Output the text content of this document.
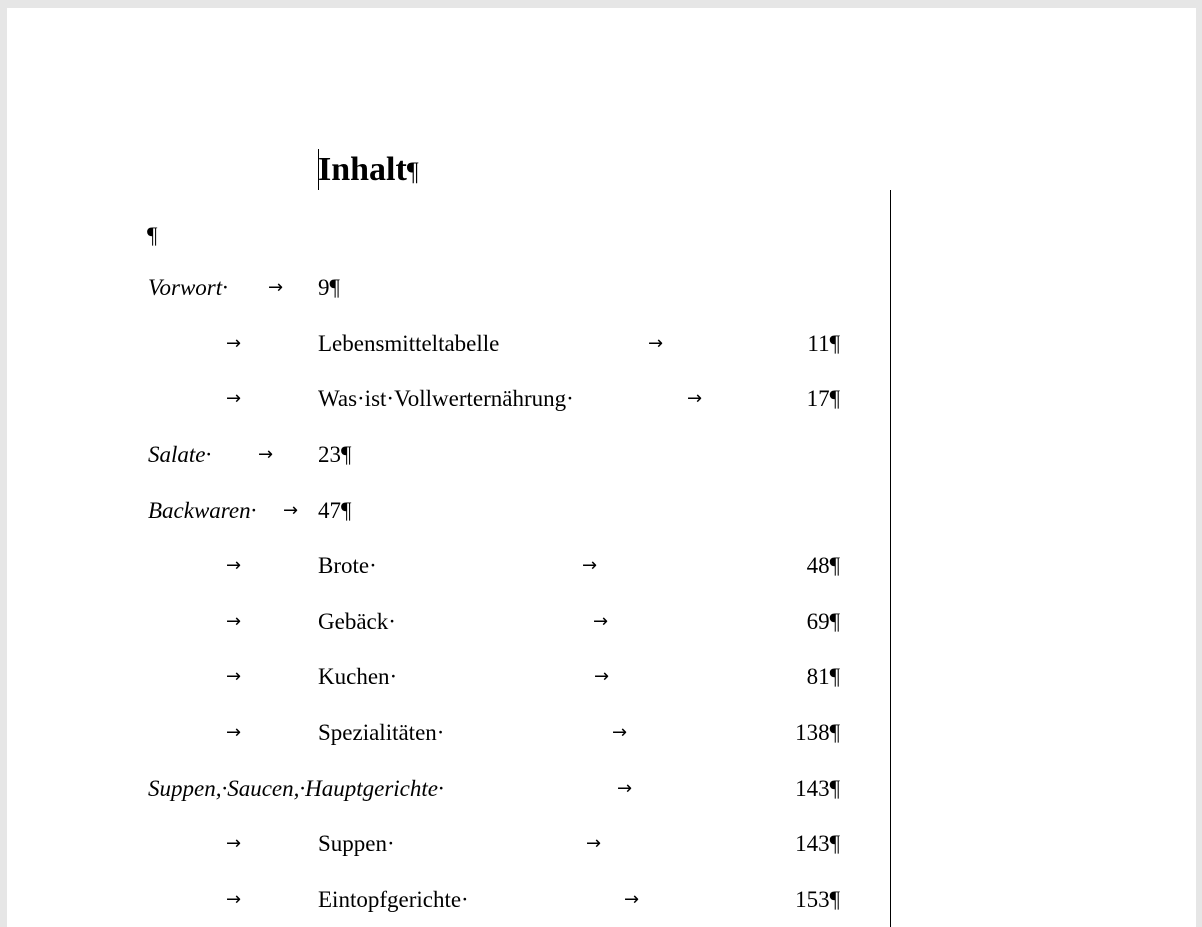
Inhalt¶
¶
Vorwort· → 9¶
→	Lebensmitteltabelle	→	11¶
→	Was·ist·Vollwerternährung·	→	17¶
Salate·	→ 23¶
Backwaren· → 47¶
→	Brote·	→	48¶
→	Gebäck·	→	69¶
→	Kuchen·	→	81¶
→	Spezialitäten·	→	138¶
Suppen,·Saucen,·Hauptgerichte·	→	143¶
→	Suppen·	→	143¶
→	Eintopfgerichte·	→	153¶
